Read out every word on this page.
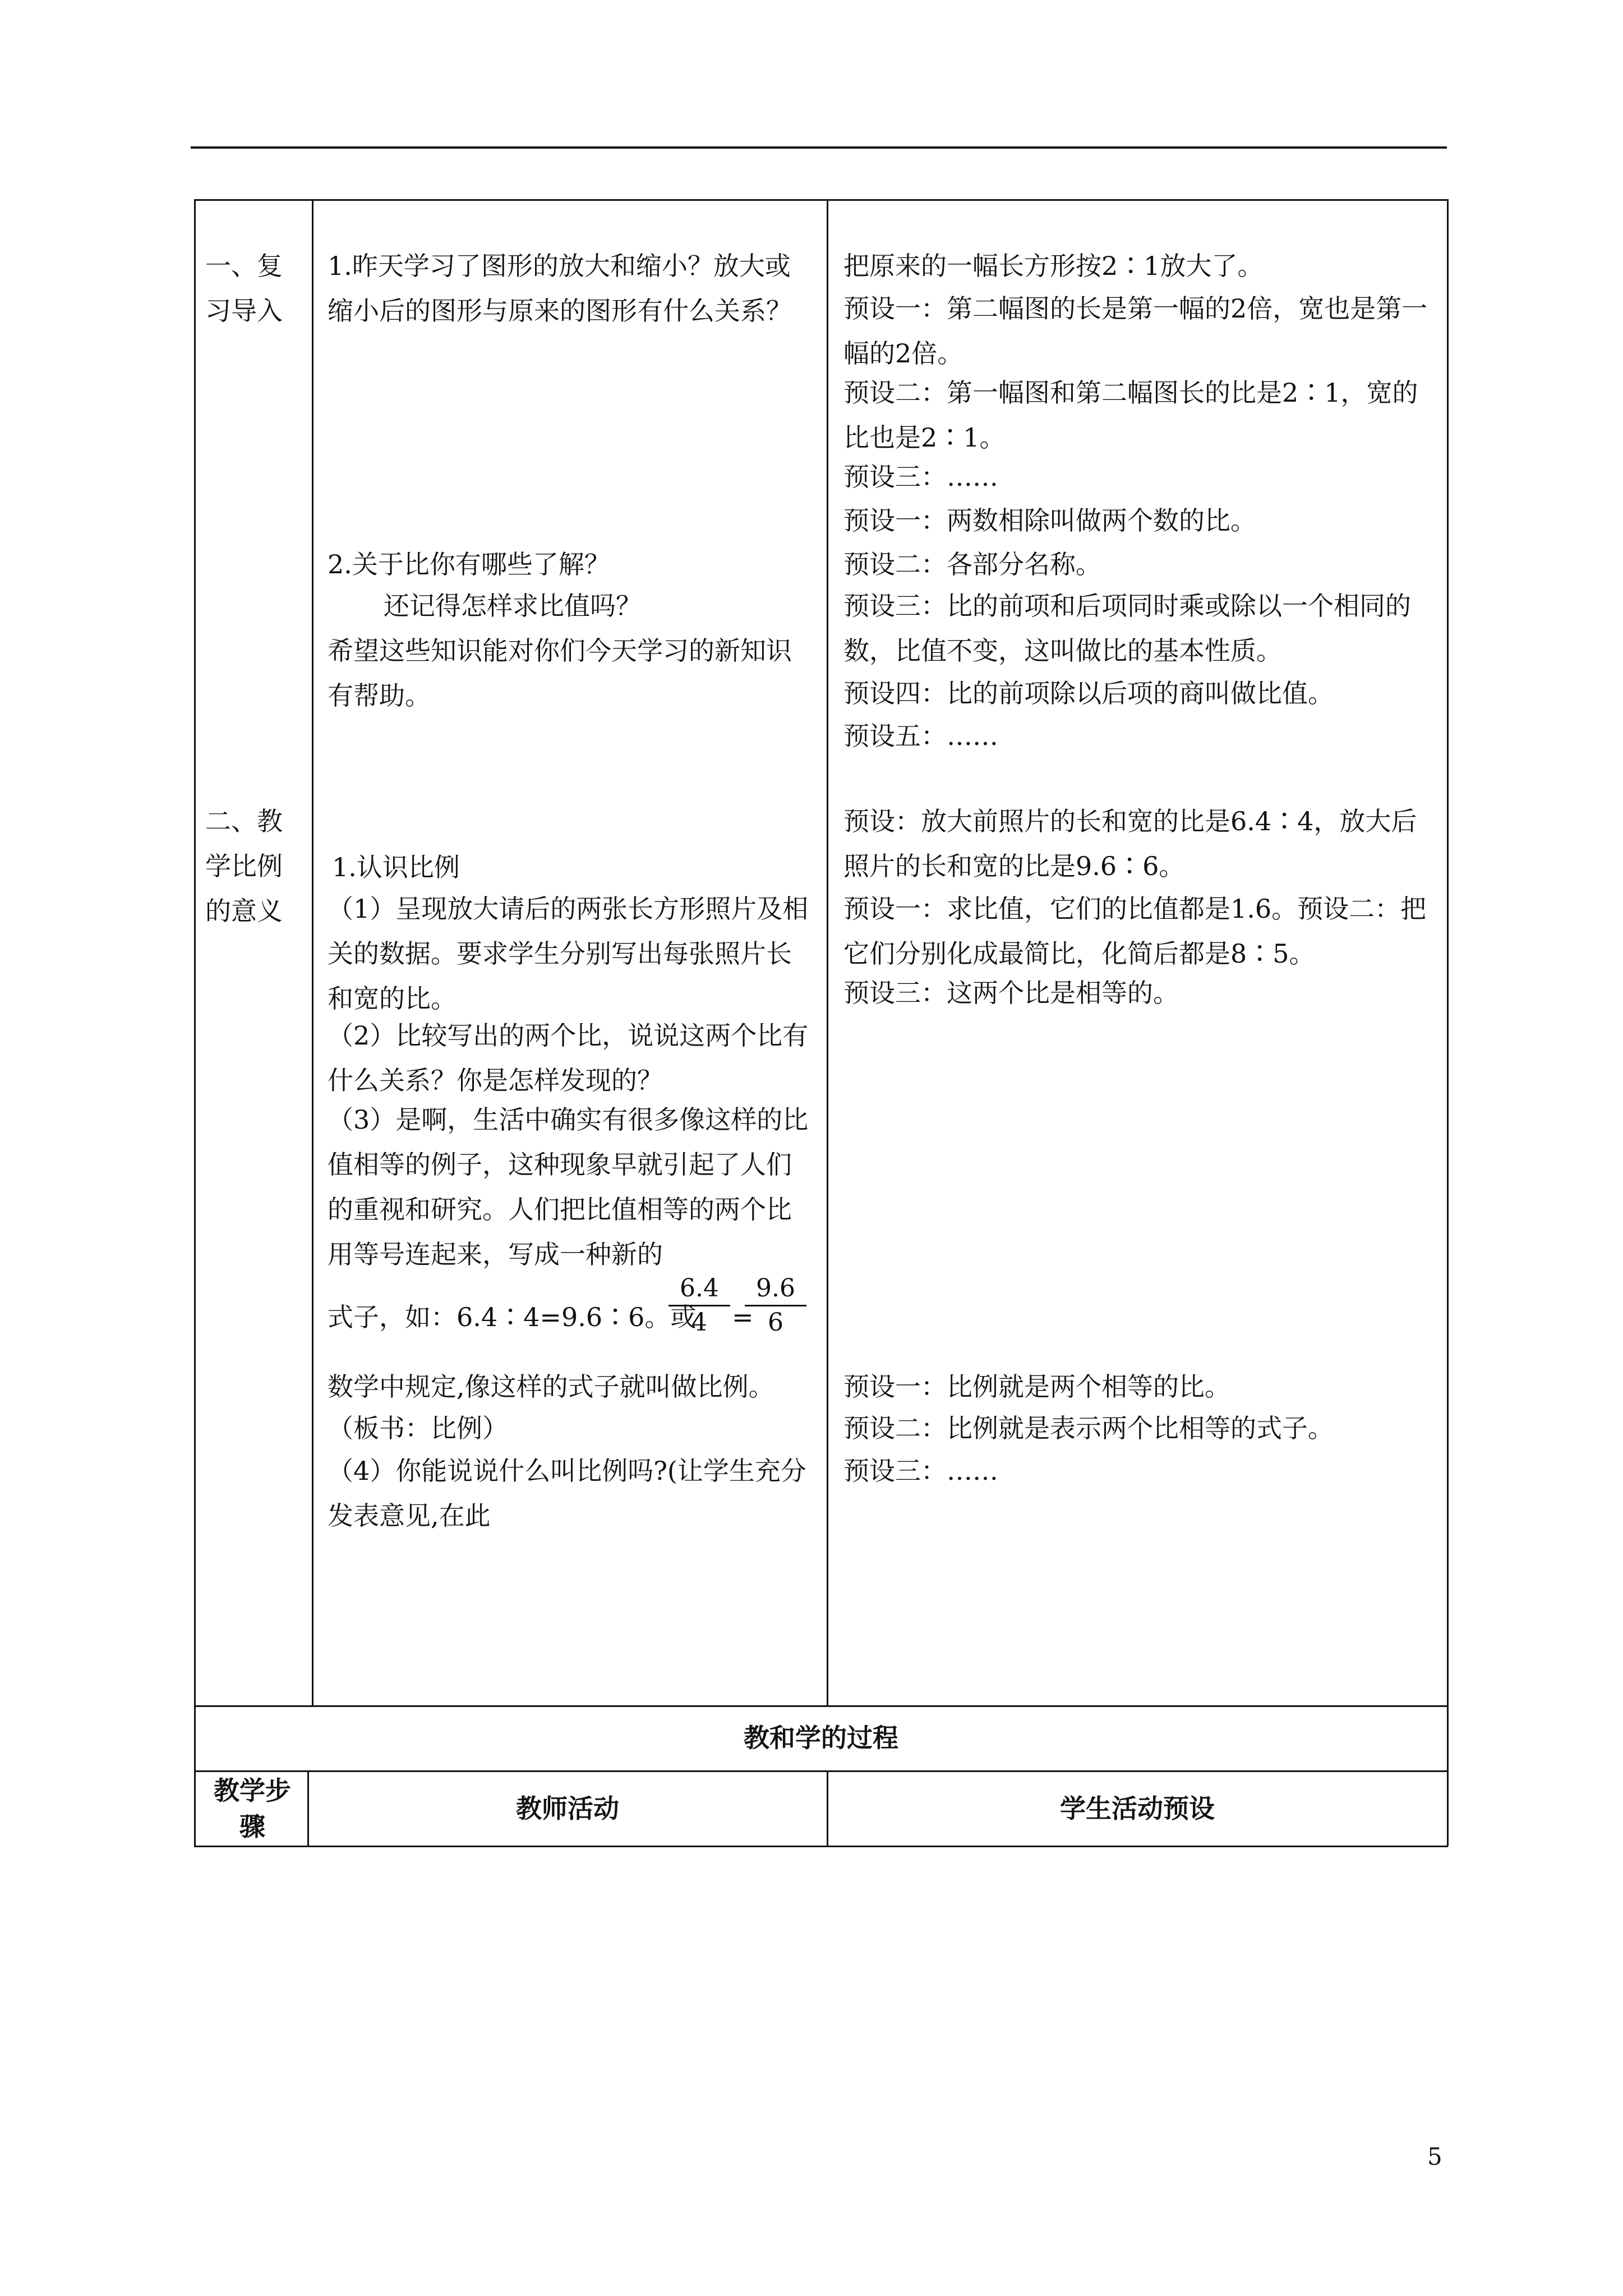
一、复习导入
1.昨天学习了图形的放大和缩小？放大或缩小后的图形与原来的图形有什么关系？
2.关于比你有哪些了解？
还记得怎样求比值吗？
希望这些知识能对你们今天学习的新知识有帮助。
把原来的一幅长方形按2∶1放大了。
预设一：第二幅图的长是第一幅的2倍，宽也是第一幅的2倍。
预设二：第一幅图和第二幅图长的比是2∶1，宽的比也是2∶1。
预设三：……
预设一：两数相除叫做两个数的比。
预设二：各部分名称。
预设三：比的前项和后项同时乘或除以一个相同的数，比值不变，这叫做比的基本性质。
预设四：比的前项除以后项的商叫做比值。
预设五：……
二、教学比例的意义
1.认识比例
（1）呈现放大请后的两张长方形照片及相关的数据。要求学生分别写出每张照片长和宽的比。
（2）比较写出的两个比，说说这两个比有什么关系？你是怎样发现的？
（3）是啊，生活中确实有很多像这样的比值相等的例子，这种现象早就引起了人们的重视和研究。人们把比值相等的两个比用等号连起来，写成一种新的
式子，如：6.4∶4=9.6∶6。或
6.4
4 =
9.6
6
数学中规定,像这样的式子就叫做比例。
（板书：比例）
（4）你能说说什么叫比例吗?(让学生充分发表意见,在此
预设：放大前照片的长和宽的比是6.4∶4，放大后照片的长和宽的比是9.6∶6。
预设一：求比值，它们的比值都是1.6。预设二：把它们分别化成最简比，化简后都是8∶5。
预设三：这两个比是相等的。
预设一：比例就是两个相等的比。
预设二：比例就是表示两个比相等的式子。
预设三：……
教和学的过程
教学步骤
教师活动	学生活动预设
5
